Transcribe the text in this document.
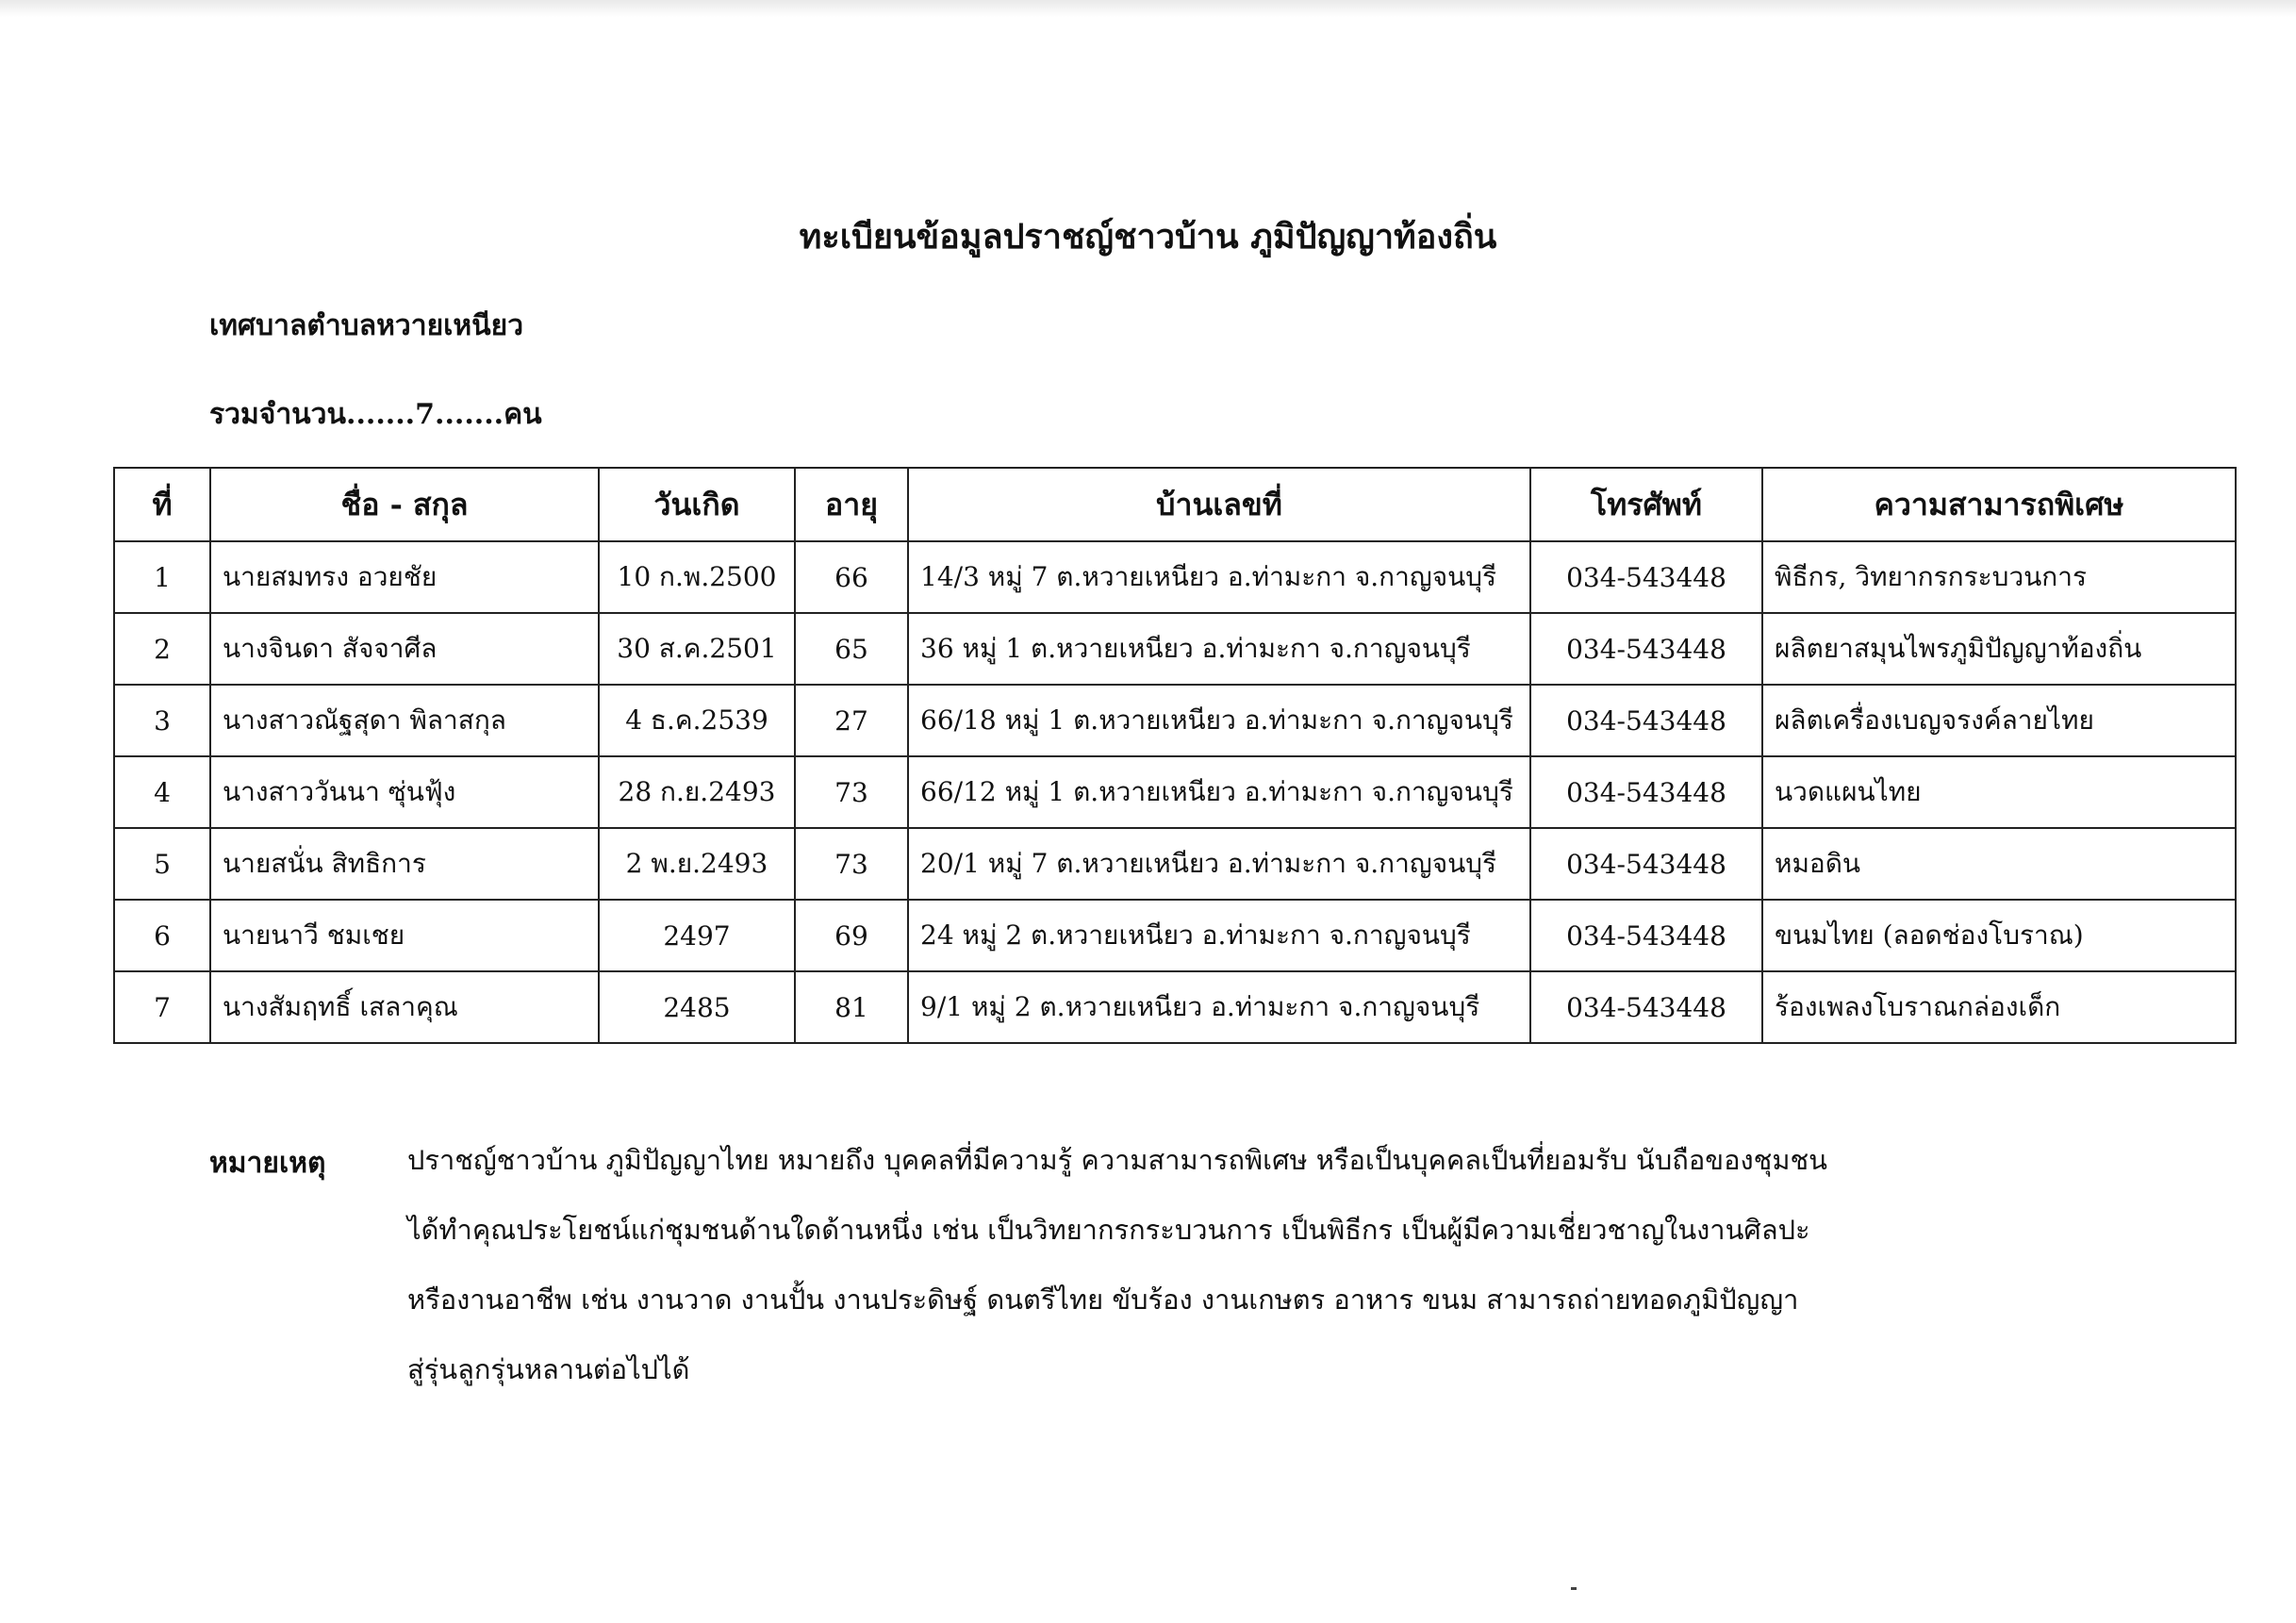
ทะเบียนข้อมูลปราชญ์ชาวบ้าน ภูมิปัญญาท้องถิ่น
เทศบาลตำบลหวายเหนียว
รวมจำนวน.......7.......คน
ที่	ชื่อ - สกุล	วันเกิด	อายุ	บ้านเลขที่	โทรศัพท์	ความสามารถพิเศษ
1	นายสมทรง อวยชัย	10 ก.พ.2500	66	14/3 หมู่ 7 ต.หวายเหนียว อ.ท่ามะกา จ.กาญจนบุรี	034-543448	พิธีกร, วิทยากรกระบวนการ
2	นางจินดา สัจจาศีล	30 ส.ค.2501	65	36 หมู่ 1 ต.หวายเหนียว อ.ท่ามะกา จ.กาญจนบุรี	034-543448	ผลิตยาสมุนไพรภูมิปัญญาท้องถิ่น
3	นางสาวณัฐสุดา พิลาสกุล	4 ธ.ค.2539	27	66/18 หมู่ 1 ต.หวายเหนียว อ.ท่ามะกา จ.กาญจนบุรี	034-543448	ผลิตเครื่องเบญจรงค์ลายไทย
4	นางสาววันนา ซุ่นฟุ้ง	28 ก.ย.2493	73	66/12 หมู่ 1 ต.หวายเหนียว อ.ท่ามะกา จ.กาญจนบุรี	034-543448	นวดแผนไทย
5	นายสนั่น สิทธิการ	2 พ.ย.2493	73	20/1 หมู่ 7 ต.หวายเหนียว อ.ท่ามะกา จ.กาญจนบุรี	034-543448	หมอดิน
6	นายนาวี ชมเชย	2497	69	24 หมู่ 2 ต.หวายเหนียว อ.ท่ามะกา จ.กาญจนบุรี	034-543448	ขนมไทย (ลอดช่องโบราณ)
7	นางสัมฤทธิ์ เสลาคุณ	2485	81	9/1 หมู่ 2 ต.หวายเหนียว อ.ท่ามะกา จ.กาญจนบุรี	034-543448	ร้องเพลงโบราณกล่องเด็ก
หมายเหตุ	ปราชญ์ชาวบ้าน ภูมิปัญญาไทย หมายถึง บุคคลที่มีความรู้ ความสามารถพิเศษ หรือเป็นบุคคลเป็นที่ยอมรับ นับถือของชุมชน
ได้ทำคุณประโยชน์แก่ชุมชนด้านใดด้านหนึ่ง เช่น เป็นวิทยากรกระบวนการ เป็นพิธีกร เป็นผู้มีความเชี่ยวชาญในงานศิลปะ
หรืองานอาชีพ เช่น งานวาด งานปั้น งานประดิษฐ์ ดนตรีไทย ขับร้อง งานเกษตร อาหาร ขนม สามารถถ่ายทอดภูมิปัญญา
สู่รุ่นลูกรุ่นหลานต่อไปได้
